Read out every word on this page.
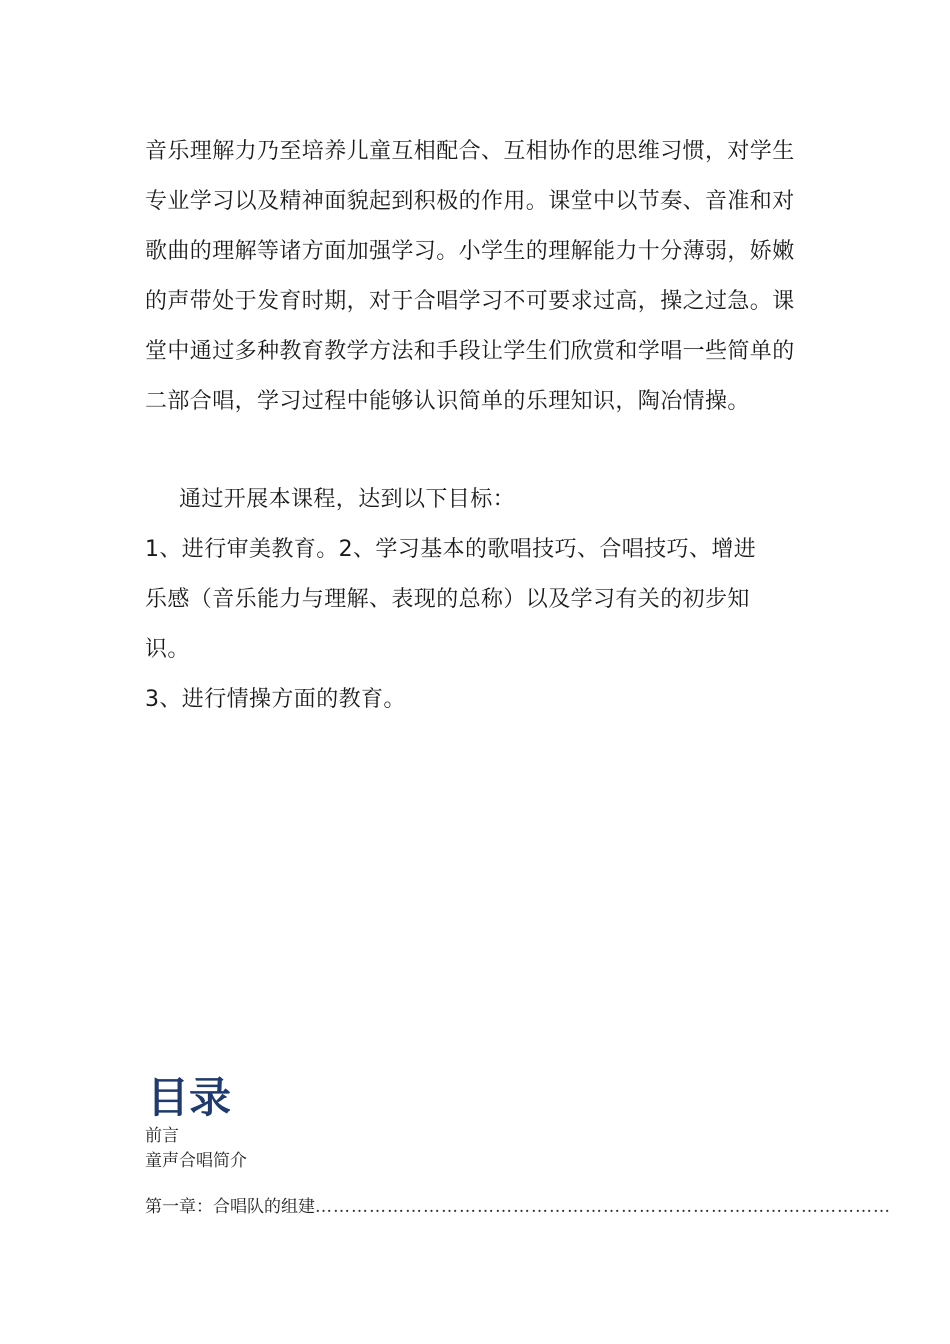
音乐理解力乃至培养儿童互相配合、互相协作的思维习惯，对学生
专业学习以及精神面貌起到积极的作用。课堂中以节奏、音准和对
歌曲的理解等诸方面加强学习。小学生的理解能力十分薄弱，娇嫩
的声带处于发育时期，对于合唱学习不可要求过高，操之过急。课
堂中通过多种教育教学方法和手段让学生们欣赏和学唱一些简单的
二部合唱，学习过程中能够认识简单的乐理知识，陶冶情操。
通过开展本课程，达到以下目标：
1、进行审美教育。2、学习基本的歌唱技巧、合唱技巧、增进
乐感（音乐能力与理解、表现的总称）以及学习有关的初步知
识。
3、进行情操方面的教育。
目录
前言
童声合唱简介
第一章：合唱队的组建 ……………………………………………………………………………………
